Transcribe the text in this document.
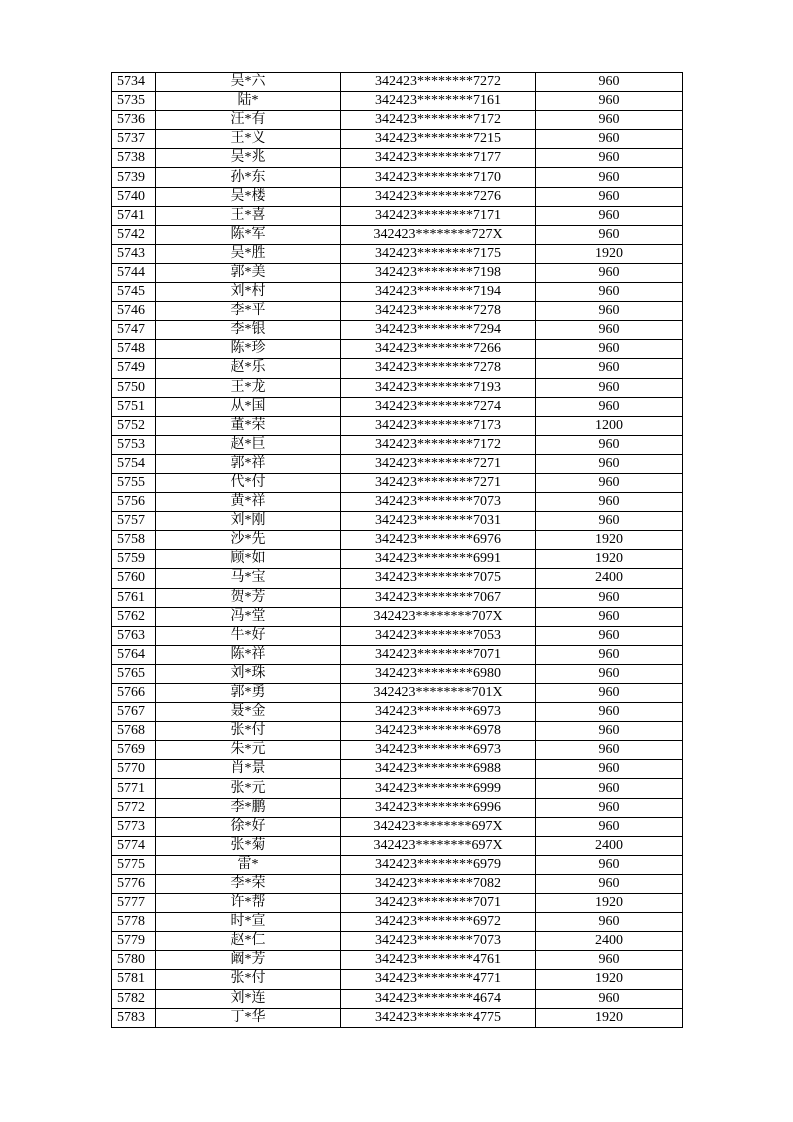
5734	吴*六	342423********7272	960
5735	陆*	342423********7161	960
5736	汪*有	342423********7172	960
5737	王*义	342423********7215	960
5738	吴*兆	342423********7177	960
5739	孙*东	342423********7170	960
5740	吴*楼	342423********7276	960
5741	王*喜	342423********7171	960
5742	陈*军	342423********727X	960
5743	吴*胜	342423********7175	1920
5744	郭*美	342423********7198	960
5745	刘*村	342423********7194	960
5746	李*平	342423********7278	960
5747	李*银	342423********7294	960
5748	陈*珍	342423********7266	960
5749	赵*乐	342423********7278	960
5750	王*龙	342423********7193	960
5751	从*国	342423********7274	960
5752	董*荣	342423********7173	1200
5753	赵*巨	342423********7172	960
5754	郭*祥	342423********7271	960
5755	代*付	342423********7271	960
5756	黄*祥	342423********7073	960
5757	刘*刚	342423********7031	960
5758	沙*先	342423********6976	1920
5759	顾*如	342423********6991	1920
5760	马*宝	342423********7075	2400
5761	贺*芳	342423********7067	960
5762	冯*堂	342423********707X	960
5763	牛*好	342423********7053	960
5764	陈*祥	342423********7071	960
5765	刘*珠	342423********6980	960
5766	郭*勇	342423********701X	960
5767	聂*金	342423********6973	960
5768	张*付	342423********6978	960
5769	朱*元	342423********6973	960
5770	肖*景	342423********6988	960
5771	张*元	342423********6999	960
5772	李*鹏	342423********6996	960
5773	徐*好	342423********697X	960
5774	张*菊	342423********697X	2400
5775	雷*	342423********6979	960
5776	李*荣	342423********7082	960
5777	许*帮	342423********7071	1920
5778	时*宣	342423********6972	960
5779	赵*仁	342423********7073	2400
5780	阚*芳	342423********4761	960
5781	张*付	342423********4771	1920
5782	刘*连	342423********4674	960
5783	丁*华	342423********4775	1920
